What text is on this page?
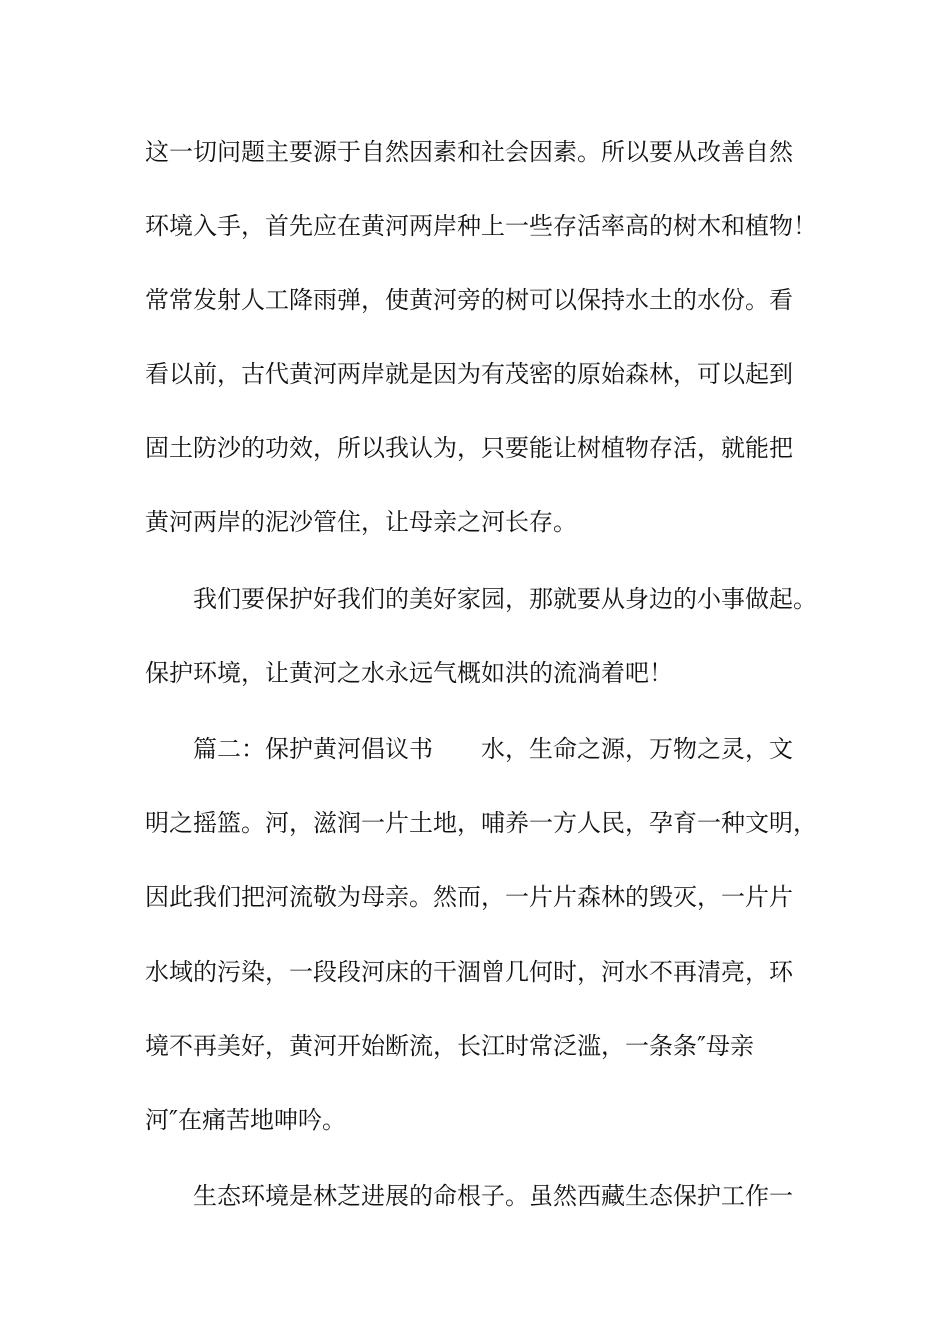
这一切问题主要源于自然因素和社会因素。所以要从改善自然
环境入手，首先应在黄河两岸种上一些存活率高的树木和植物！
常常发射人工降雨弹，使黄河旁的树可以保持水土的水份。看
看以前，古代黄河两岸就是因为有茂密的原始森林，可以起到
固土防沙的功效，所以我认为，只要能让树植物存活，就能把
黄河两岸的泥沙管住，让母亲之河长存。
我们要保护好我们的美好家园，那就要从身边的小事做起。
保护环境，让黄河之水永远气概如洪的流淌着吧！
篇二：保护黄河倡议书　　水，生命之源，万物之灵，文
明之摇篮。河，滋润一片土地，哺养一方人民，孕育一种文明，
因此我们把河流敬为母亲。然而，一片片森林的毁灭，一片片
水域的污染，一段段河床的干涸曾几何时，河水不再清亮，环
境不再美好，黄河开始断流，长江时常泛滥，一条条″母亲
河″在痛苦地呻吟。
生态环境是林芝进展的命根子。虽然西藏生态保护工作一
